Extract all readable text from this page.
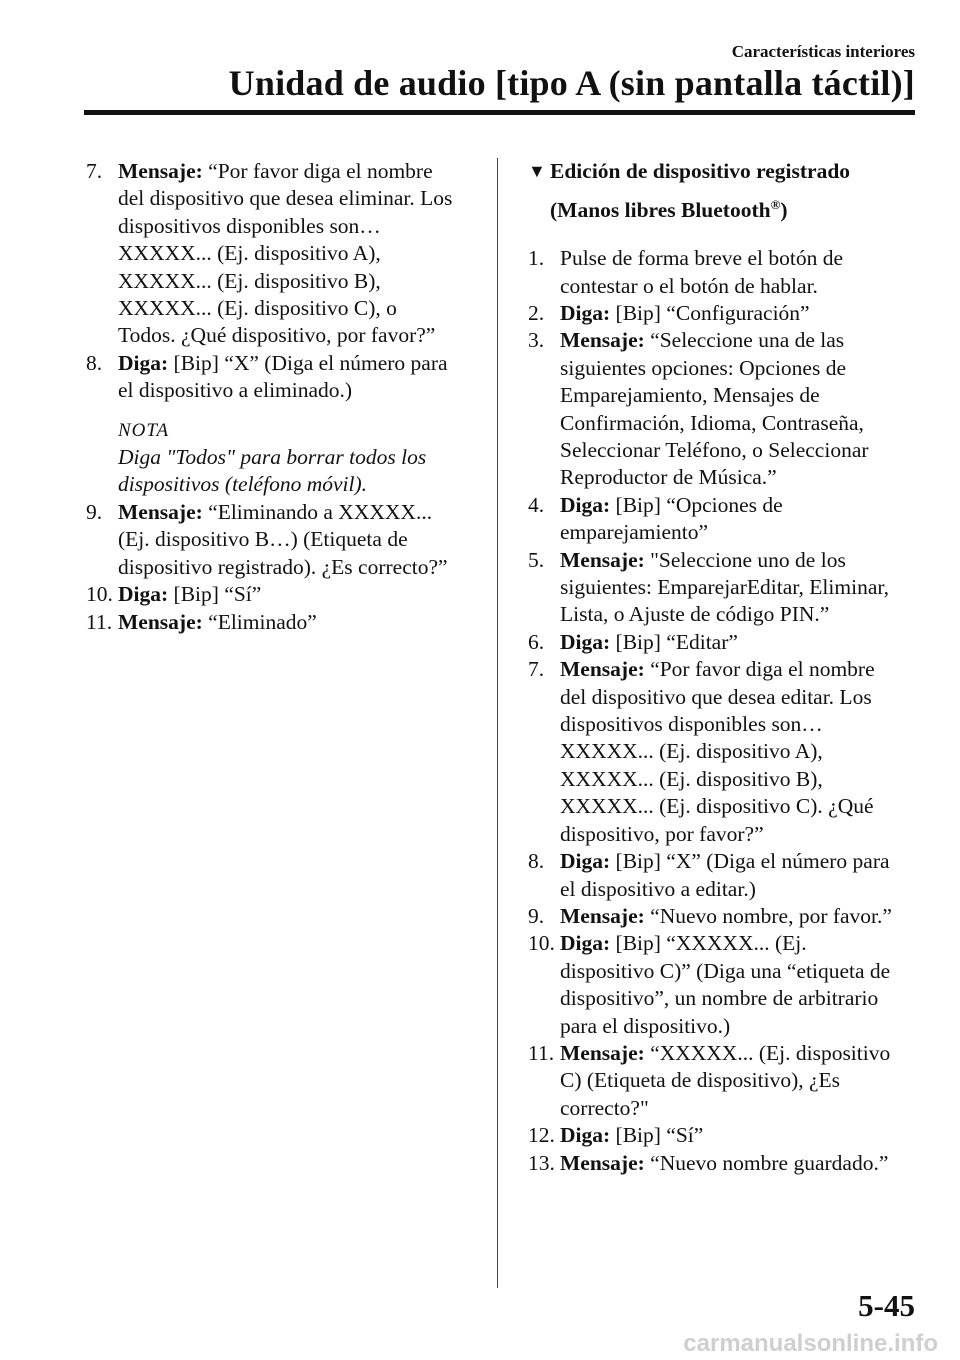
Características interiores
Unidad de audio [tipo A (sin pantalla táctil)]
7. Mensaje: “Por favor diga el nombre
del dispositivo que desea eliminar. Los
dispositivos disponibles son…
XXXXX... (Ej. dispositivo A),
XXXXX... (Ej. dispositivo B),
XXXXX... (Ej. dispositivo C), o
Todos. ¿Qué dispositivo, por favor?”
8. Diga: [Bip] “X” (Diga el número para
el dispositivo a eliminado.)
NOTA
Diga "Todos" para borrar todos los
dispositivos (teléfono móvil).
9. Mensaje: “Eliminando a XXXXX...
(Ej. dispositivo B…) (Etiqueta de
dispositivo registrado). ¿Es correcto?”
10. Diga: [Bip] “Sí”
11. Mensaje: “Eliminado”
▼ Edición de dispositivo registrado
(Manos libres Bluetooth®)
1. Pulse de forma breve el botón de
contestar o el botón de hablar.
2. Diga: [Bip] “Configuración”
3. Mensaje: “Seleccione una de las
siguientes opciones: Opciones de
Emparejamiento, Mensajes de
Confirmación, Idioma, Contraseña,
Seleccionar Teléfono, o Seleccionar
Reproductor de Música.”
4. Diga: [Bip] “Opciones de
emparejamiento”
5. Mensaje: "Seleccione uno de los
siguientes: EmparejarEditar, Eliminar,
Lista, o Ajuste de código PIN.”
6. Diga: [Bip] “Editar”
7. Mensaje: “Por favor diga el nombre
del dispositivo que desea editar. Los
dispositivos disponibles son…
XXXXX... (Ej. dispositivo A),
XXXXX... (Ej. dispositivo B),
XXXXX... (Ej. dispositivo C). ¿Qué
dispositivo, por favor?”
8. Diga: [Bip] “X” (Diga el número para
el dispositivo a editar.)
9. Mensaje: “Nuevo nombre, por favor.”
10. Diga: [Bip] “XXXXX... (Ej.
dispositivo C)” (Diga una “etiqueta de
dispositivo”, un nombre de arbitrario
para el dispositivo.)
11. Mensaje: “XXXXX... (Ej. dispositivo
C) (Etiqueta de dispositivo), ¿Es
correcto?"
12. Diga: [Bip] “Sí”
13. Mensaje: “Nuevo nombre guardado.”
5-45
carmanualsonline.info
